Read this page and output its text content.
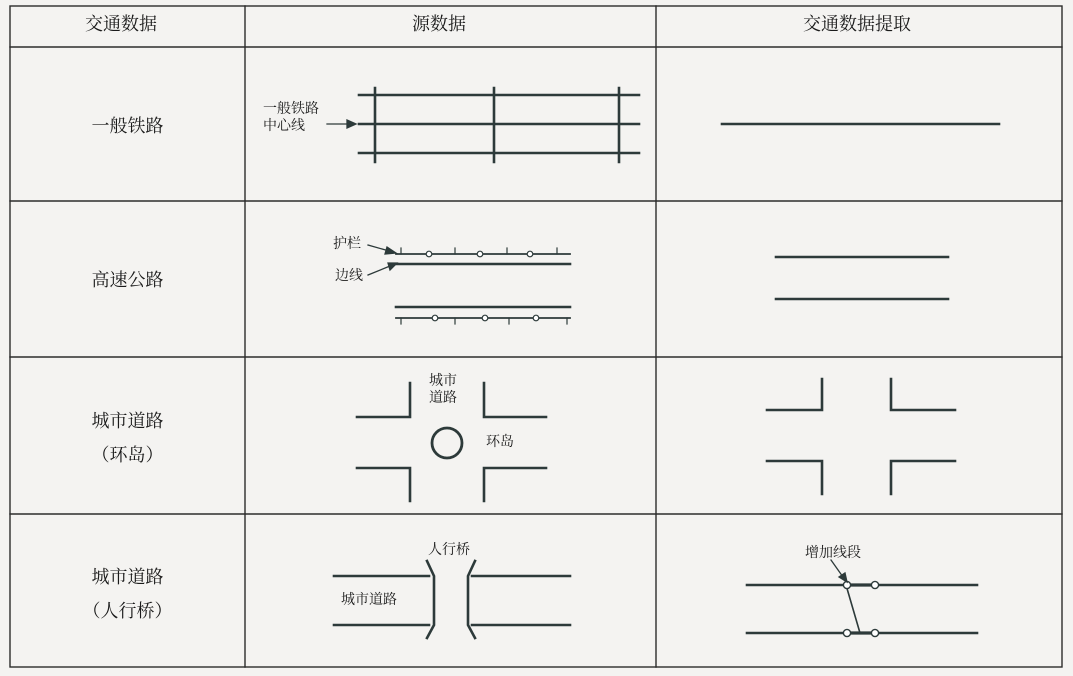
交通数据	源数据	交通数据提取
一般铁路
高速公路
城市道路
（环岛）
城市道路
（人行桥）
一般铁路
中心线
护栏
边线
城市
道路
环岛
人行桥
城市道路
增加线段
